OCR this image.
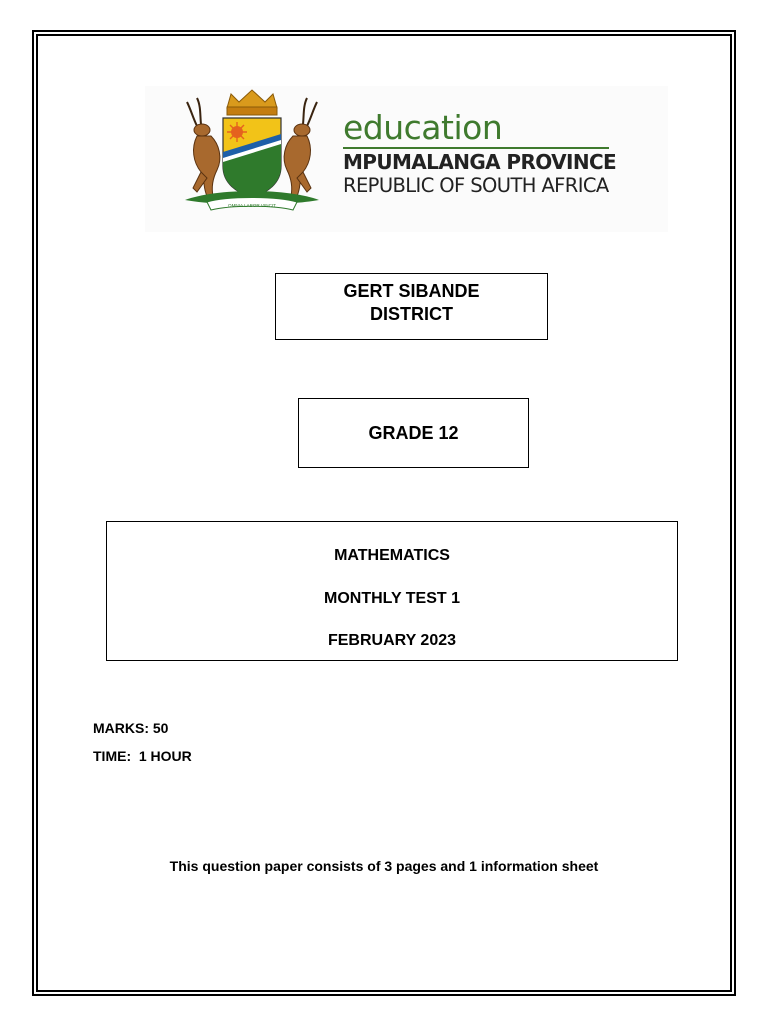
OMNIA LABOR VINCIT
education
MPUMALANGA PROVINCE
REPUBLIC OF SOUTH AFRICA
GERT SIBANDE
DISTRICT
GRADE 12
MATHEMATICS
MONTHLY TEST 1
FEBRUARY 2023
MARKS: 50
TIME:  1 HOUR
This question paper consists of 3 pages and 1 information sheet
